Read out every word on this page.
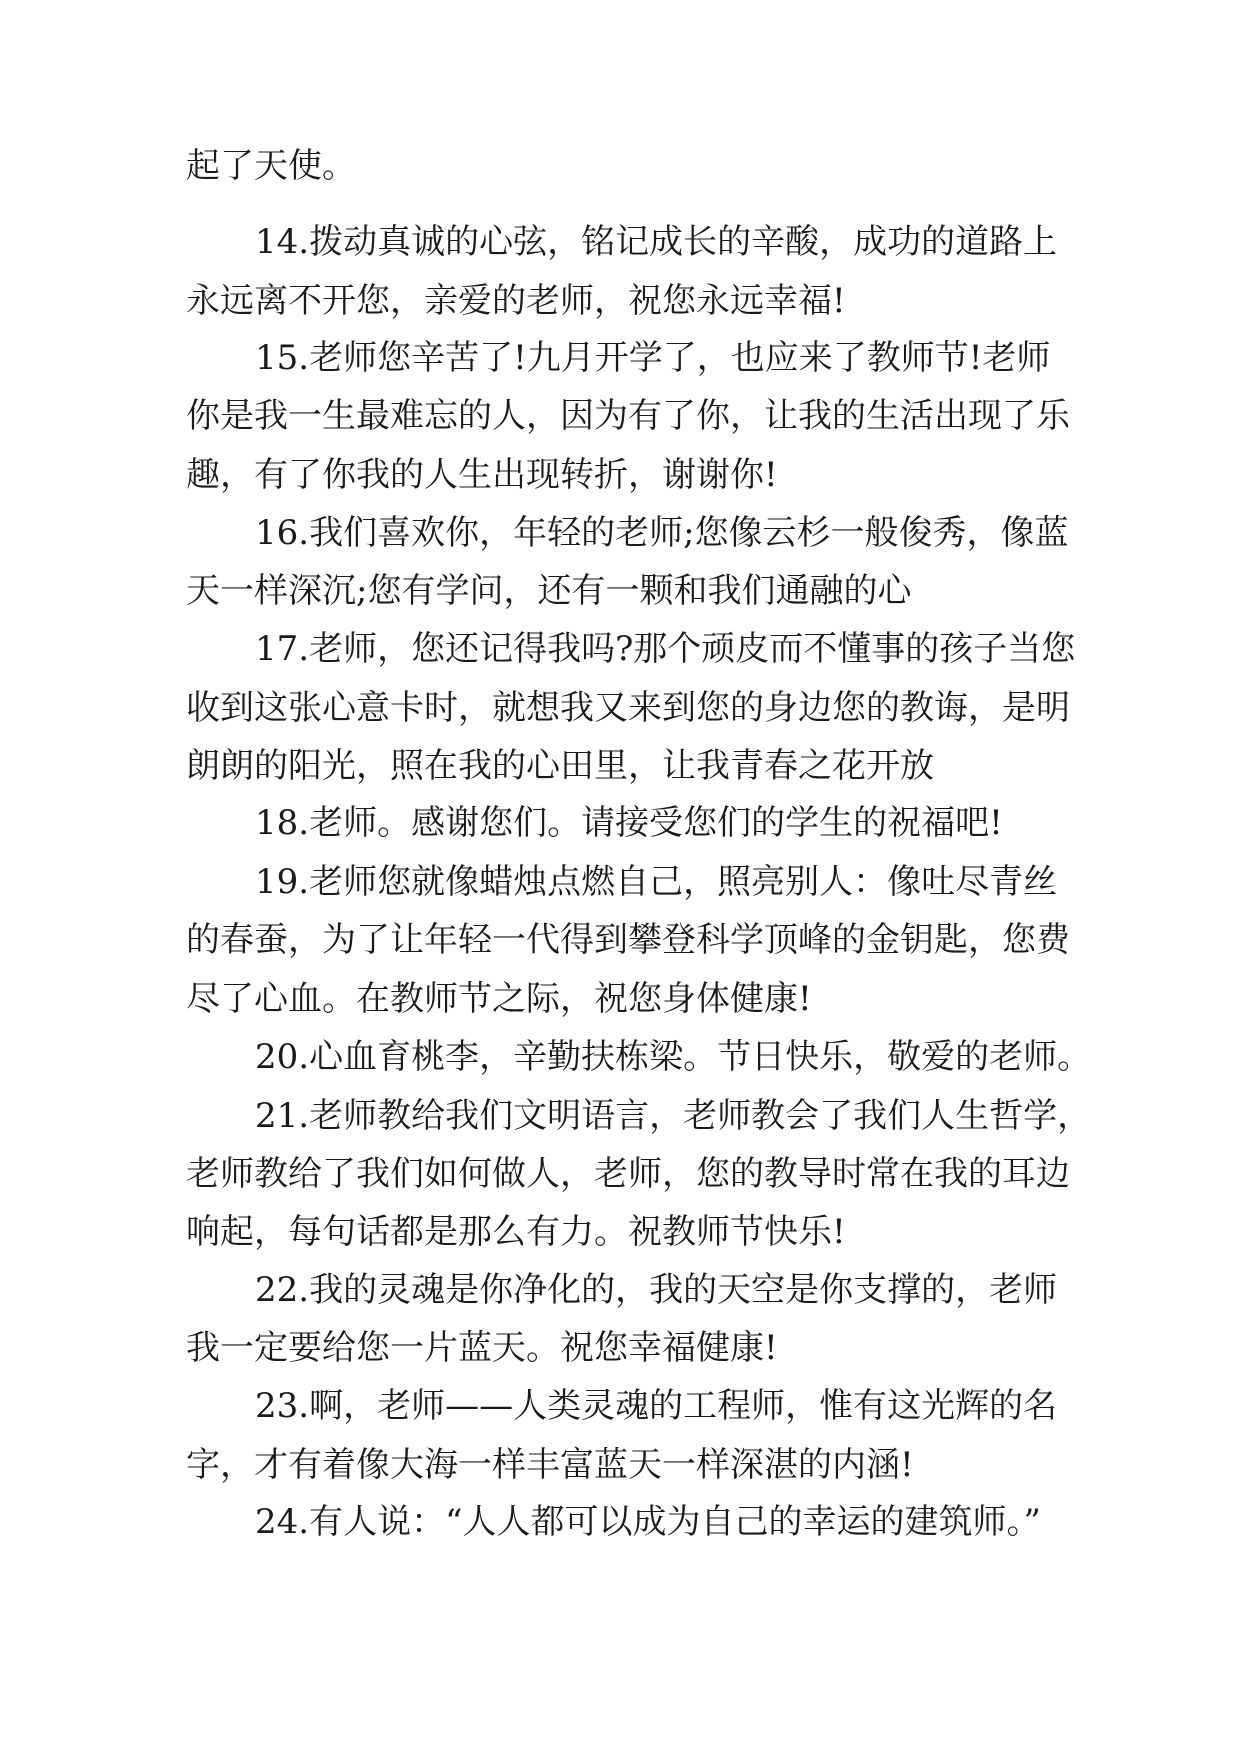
起了天使。
14.拨动真诚的心弦，铭记成长的辛酸，成功的道路上
永远离不开您，亲爱的老师，祝您永远幸福!
15.老师您辛苦了!九月开学了，也应来了教师节!老师
你是我一生最难忘的人，因为有了你，让我的生活出现了乐
趣，有了你我的人生出现转折，谢谢你!
16.我们喜欢你，年轻的老师;您像云杉一般俊秀，像蓝
天一样深沉;您有学问，还有一颗和我们通融的心
17.老师，您还记得我吗?那个顽皮而不懂事的孩子当您
收到这张心意卡时，就想我又来到您的身边您的教诲，是明
朗朗的阳光，照在我的心田里，让我青春之花开放
18.老师。感谢您们。请接受您们的学生的祝福吧!
19.老师您就像蜡烛点燃自己，照亮别人：像吐尽青丝
的春蚕，为了让年轻一代得到攀登科学顶峰的金钥匙，您费
尽了心血。在教师节之际，祝您身体健康!
20.心血育桃李，辛勤扶栋梁。节日快乐，敬爱的老师。
21.老师教给我们文明语言，老师教会了我们人生哲学，
老师教给了我们如何做人，老师，您的教导时常在我的耳边
响起，每句话都是那么有力。祝教师节快乐!
22.我的灵魂是你净化的，我的天空是你支撑的，老师
我一定要给您一片蓝天。祝您幸福健康!
23.啊，老师——人类灵魂的工程师，惟有这光辉的名
字，才有着像大海一样丰富蓝天一样深湛的内涵!
24.有人说：“人人都可以成为自己的幸运的建筑师。”
